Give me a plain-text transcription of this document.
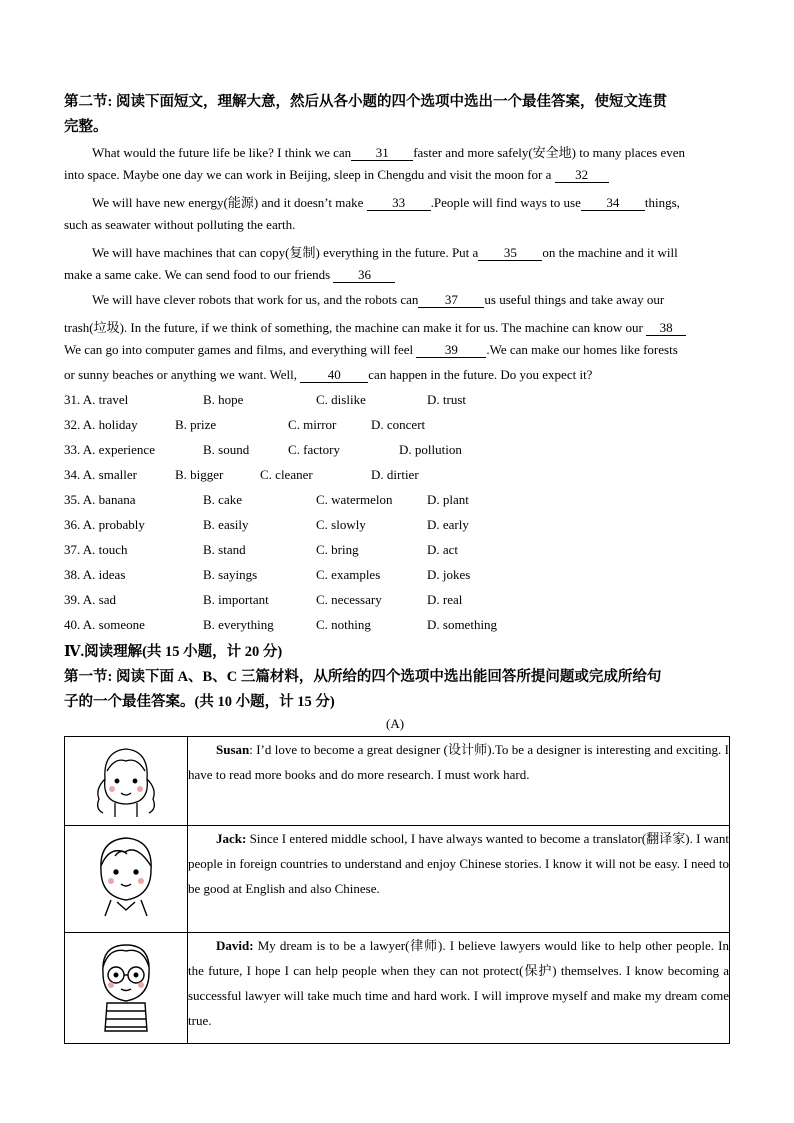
第二节: 阅读下面短文，理解大意，然后从各小题的四个选项中选出一个最佳答案，使短文连贯
完整。
What would the future life be like? I think we can 31 faster and more safely(安全地) to many places even
into space. Maybe one day we can work in Beijing, sleep in Chengdu and visit the moon for a 32
We will have new energy(能源) and it doesn’t make 33 .People will find ways to use 34 things,
such as seawater without polluting the earth.
We will have machines that can copy(复制) everything in the future. Put a 35 on the machine and it will
make a same cake. We can send food to our friends 36
We will have clever robots that work for us, and the robots can 37 us useful things and take away our
trash(垃圾). In the future, if we think of something, the machine can make it for us. The machine can know our 38
We can go into computer games and films, and everything will feel 39 .We can make our homes like forests
or sunny beaches or anything we want. Well, 40 can happen in the future. Do you expect it?
31. A. travel	B. hope	C. dislike	D. trust
32. A. holiday	B. prize	C. mirror	D. concert
33. A. experience	B. sound	C. factory	D. pollution
34. A. smaller	B. bigger	C. cleaner	D. dirtier
35. A. banana	B. cake	C. watermelon	D. plant
36. A. probably	B. easily	C. slowly	D. early
37. A. touch	B. stand	C. bring	D. act
38. A. ideas	B. sayings	C. examples	D. jokes
39. A. sad	B. important	C. necessary	D. real
40. A. someone	B. everything	C. nothing	D. something
Ⅳ.阅读理解(共 15 小题，计 20 分)
第一节: 阅读下面 A、B、C 三篇材料，从所给的四个选项中选出能回答所提问题或完成所给句
子的一个最佳答案。(共 10 小题，计 15 分)
(A)
	Susan: I’d love to become a great designer (设计师).To be a designer is interesting and exciting. I have to read more books and do more research. I must work hard.
	Jack: Since I entered middle school, I have always wanted to become a translator(翻译家). I want people in foreign countries to understand and enjoy Chinese stories. I know it will not be easy. I need to be good at English and also Chinese.
	David: My dream is to be a lawyer(律师). I believe lawyers would like to help other people. In the future, I hope I can help people when they can not protect(保护) themselves. I know becoming a successful lawyer will take much time and hard work. I will improve myself and make my dream come true.
